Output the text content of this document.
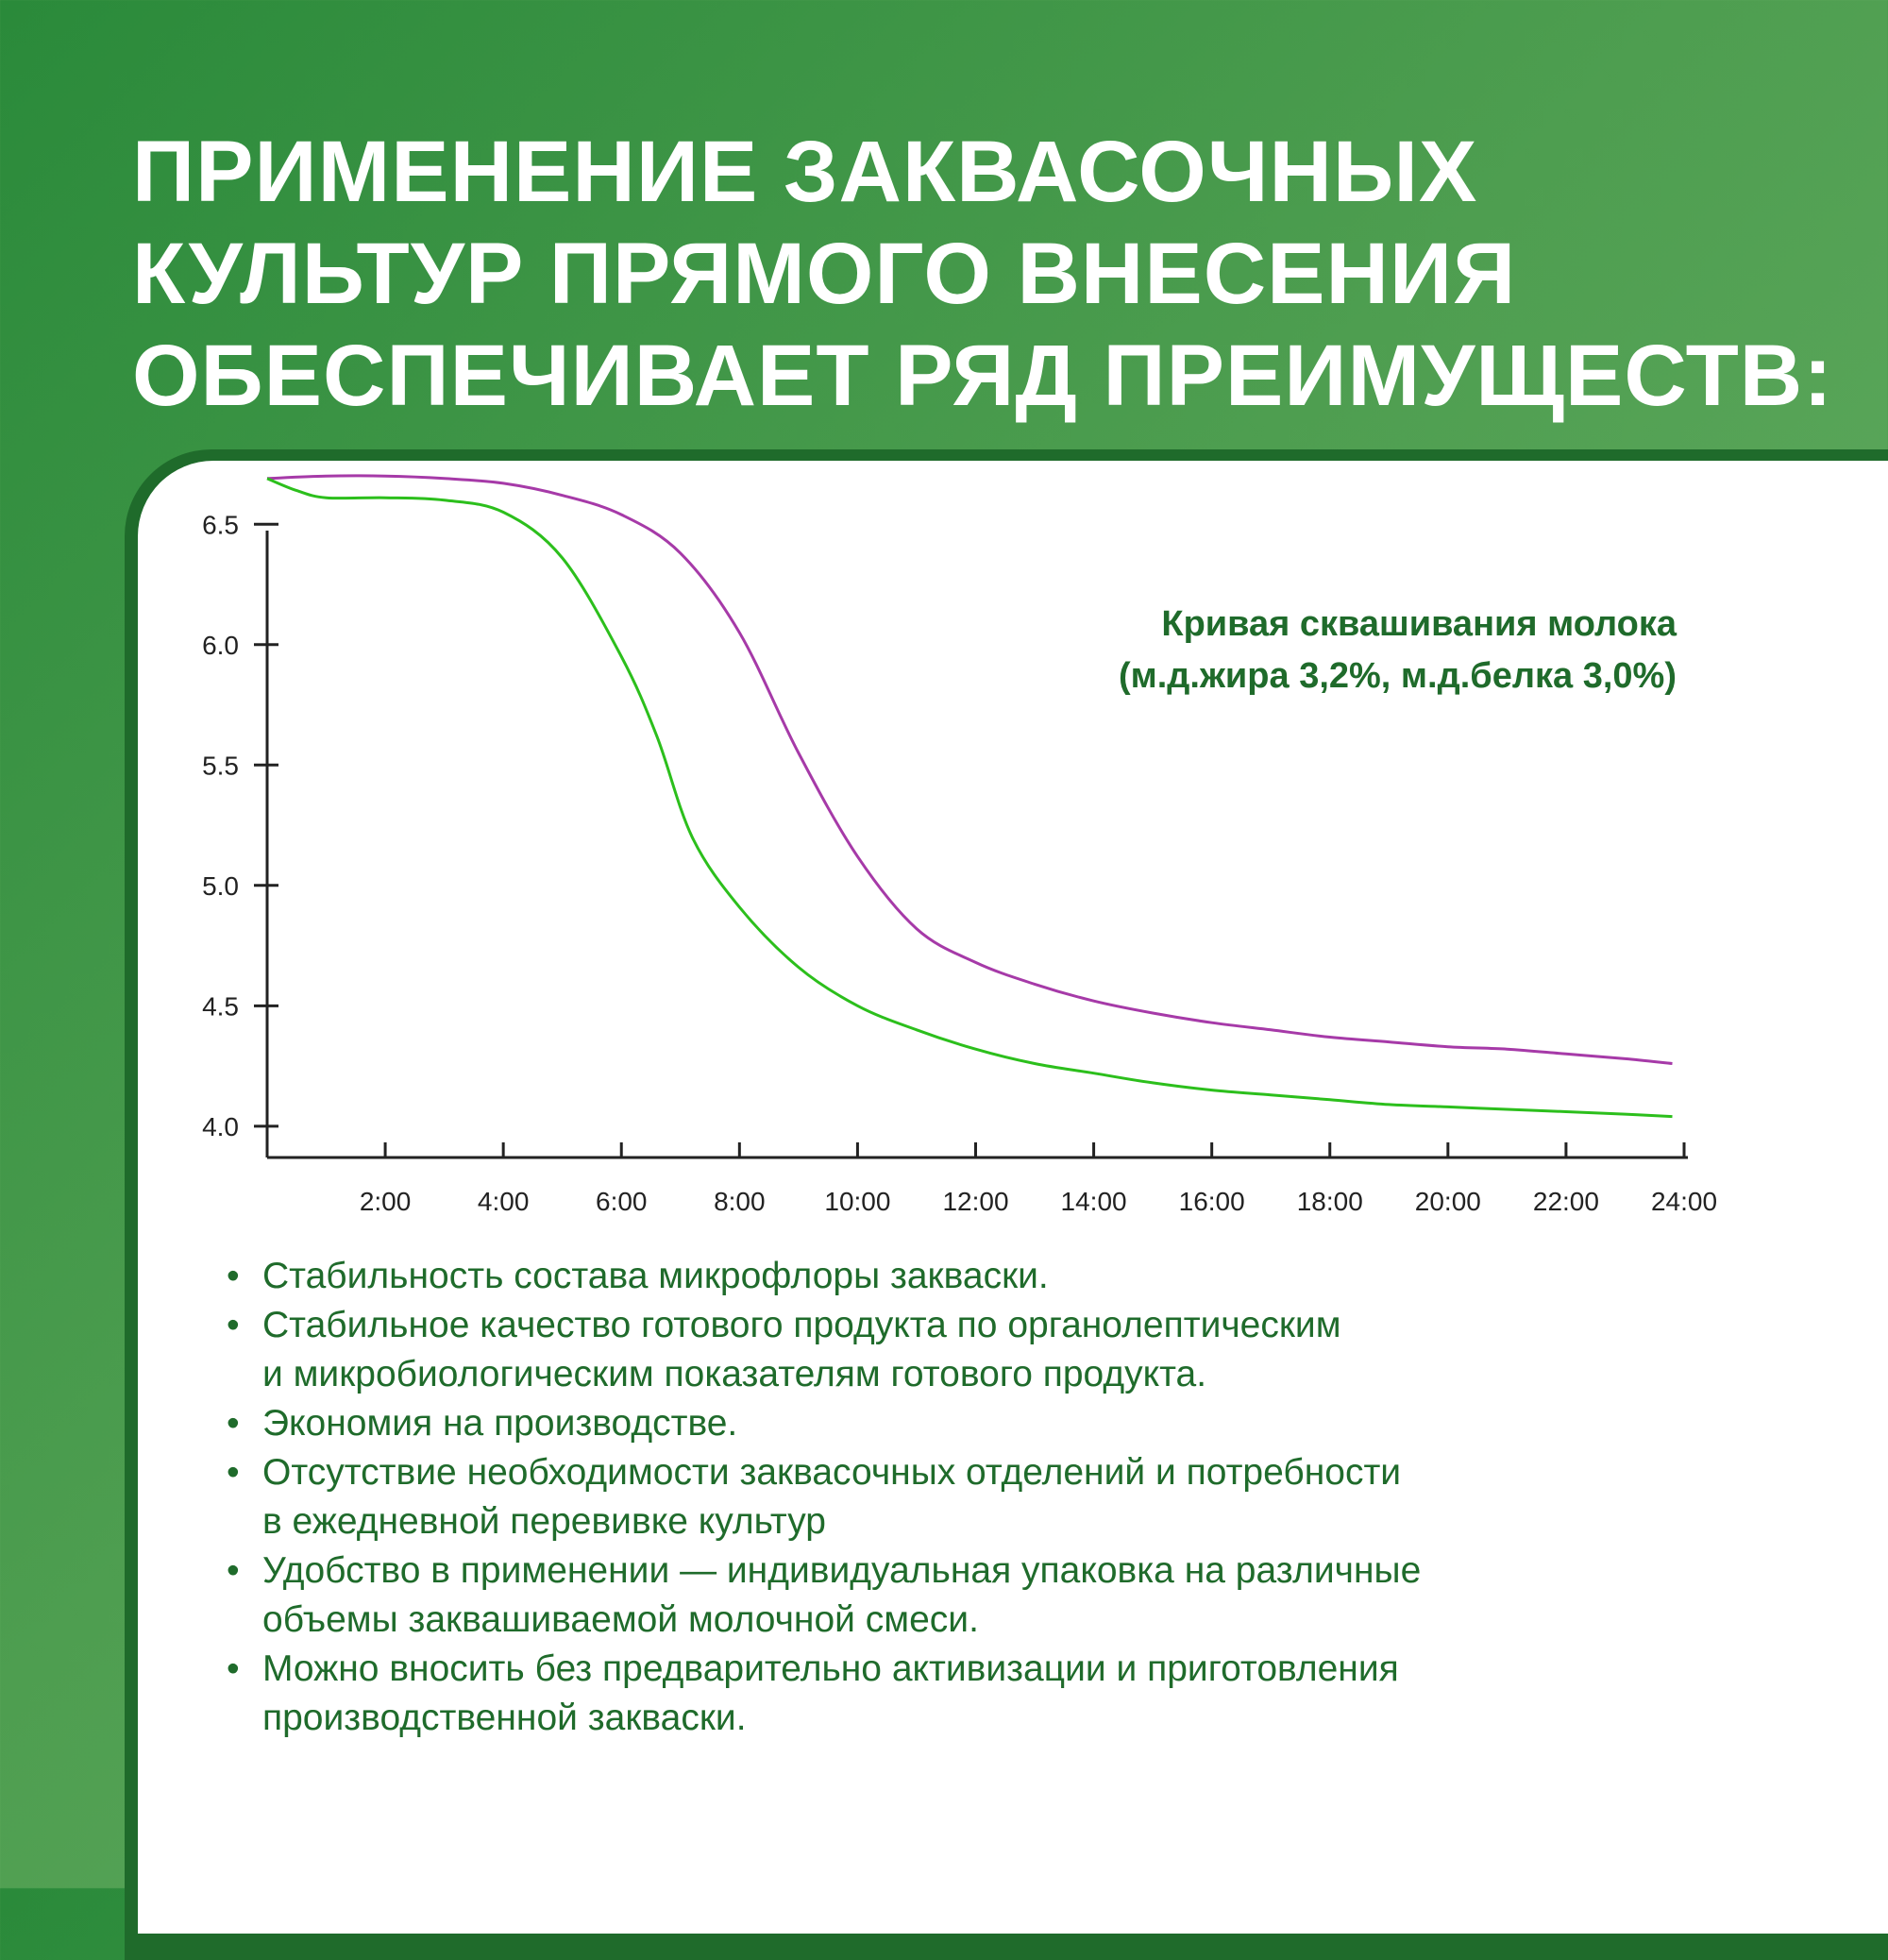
ПРИМЕНЕНИЕ ЗАКВАСОЧНЫХ
КУЛЬТУР ПРЯМОГО ВНЕСЕНИЯ
ОБЕСПЕЧИВАЕТ РЯД ПРЕИМУЩЕСТВ:
2:00	4:00	6:00	8:00 10:00 12:00 14:00 16:00 18:00 20:00 22:00 24:00
4.0
4.5
5.0
5.5
6.0
6.5
Кривая сквашивания молока
(м.д.жира 3,2%, м.д.белка 3,0%)
• Стабильность состава микрофлоры закваски.
• Стабильное качество готового продукта по органолептическим
и микробиологическим показателям готового продукта.
• Экономия на производстве.
• Отсутствие необходимости заквасочных отделений и потребности
в ежедневной перевивке культур
• Удобство в применении — индивидуальная упаковка на различные
объемы заквашиваемой молочной смеси.
• Можно вносить без предварительно активизации и приготовления
производственной закваски.
